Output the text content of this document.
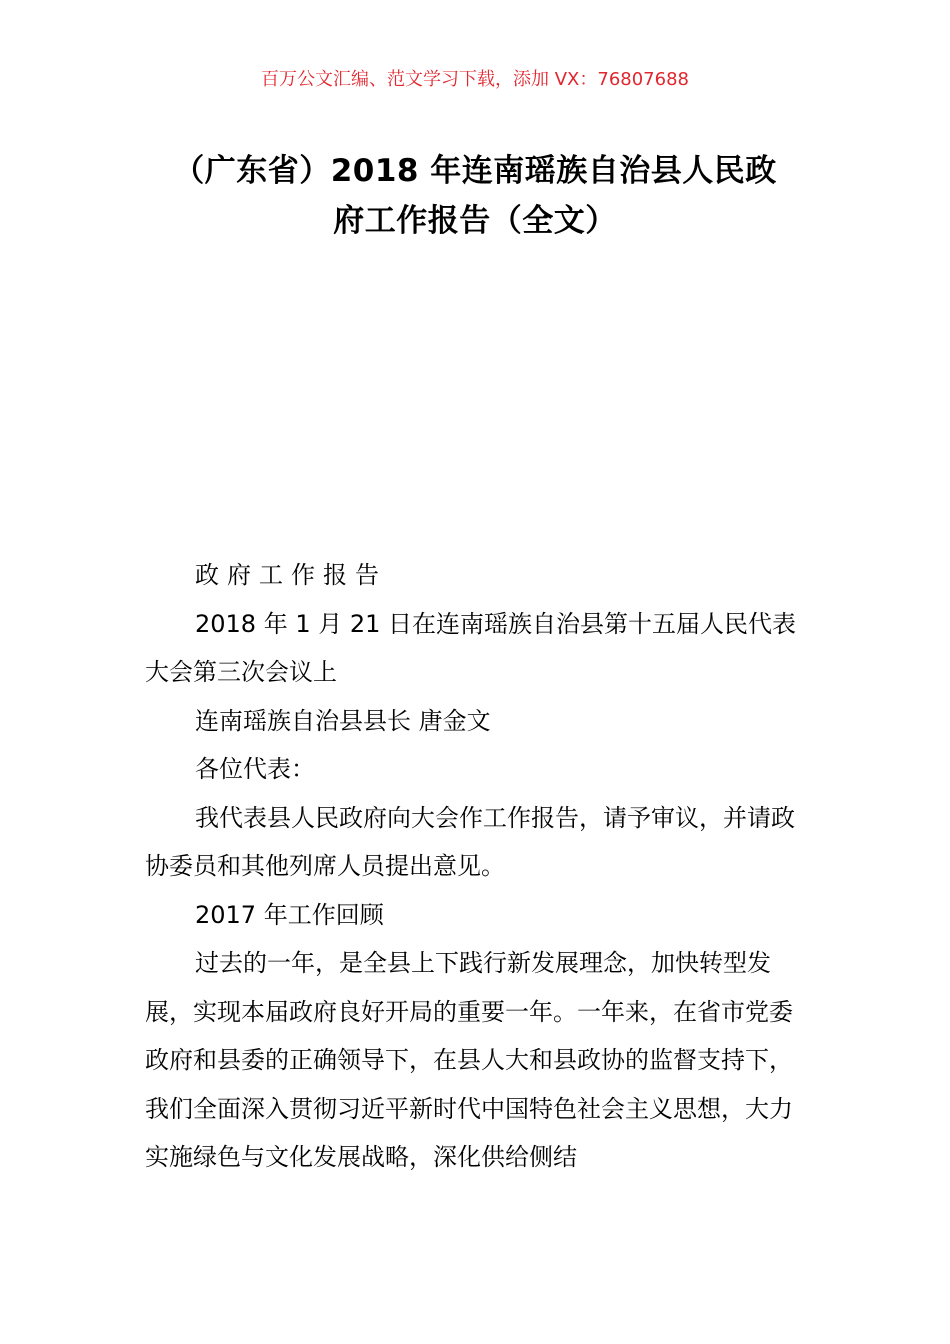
百万公文汇编、范文学习下载，添加 VX：76807688
（广东省）2018 年连南瑶族自治县人民政
府工作报告（全文）

政府工作报告

2018 年 1 月 21 日在连南瑶族自治县第十五届人民代表大会第三次会议上

连南瑶族自治县县长 唐金文

各位代表：

我代表县人民政府向大会作工作报告，请予审议，并请政协委员和其他列席人员提出意见。

2017 年工作回顾

过去的一年，是全县上下践行新发展理念，加快转型发展，实现本届政府良好开局的重要一年。一年来，在省市党委政府和县委的正确领导下，在县人大和县政协的监督支持下，我们全面深入贯彻习近平新时代中国特色社会主义思想，大力实施绿色与文化发展战略，深化供给侧结
